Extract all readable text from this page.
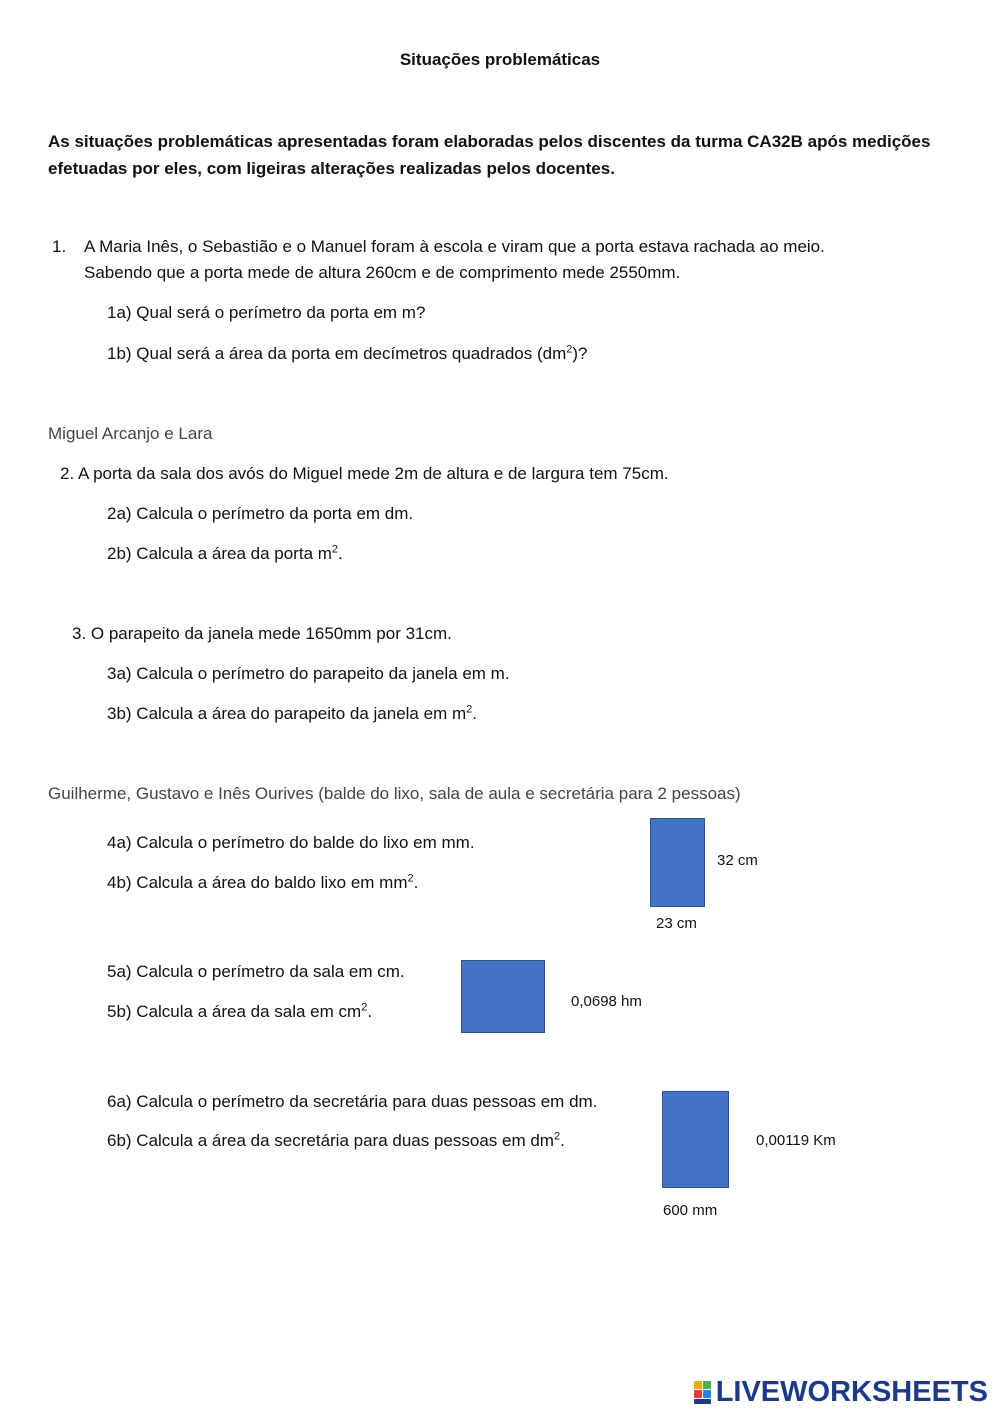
Situações problemáticas
As situações problemáticas apresentadas foram elaboradas pelos discentes da turma CA32B após medições efetuadas por eles, com ligeiras alterações realizadas pelos docentes.
1. A Maria Inês, o Sebastião e o Manuel foram à escola e viram que a porta estava rachada ao meio.
Sabendo que a porta mede de altura 260cm e de comprimento mede 2550mm.
1a) Qual será o perímetro da porta em m?
1b) Qual será a área da porta em decímetros quadrados $(dm^2)$?
Miguel Arcanjo e Lara
2. A porta da sala dos avós do Miguel mede 2m de altura e de largura tem 75cm.
2a) Calcula o perímetro da porta em dm.
2b) Calcula a área da porta $m^2$.
3. O parapeito da janela mede 1650mm por 31cm.
3a) Calcula o perímetro do parapeito da janela em m.
3b) Calcula a área do parapeito da janela em $m^2$.
Guilherme, Gustavo e Inês Ourives (balde do lixo, sala de aula e secretária para 2 pessoas)
4a) Calcula o perímetro do balde do lixo em mm.
4b) Calcula a área do baldo lixo em $mm^2$.
32 cm
23 cm
5a) Calcula o perímetro da sala em cm.
5b) Calcula a área da sala em $cm^2$.
0,0698 hm
6a) Calcula o perímetro da secretária para duas pessoas em dm.
6b) Calcula a área da secretária para duas pessoas em $dm^2$.	0,00119 Km
600 mm
LIVEWORKSHEETS
